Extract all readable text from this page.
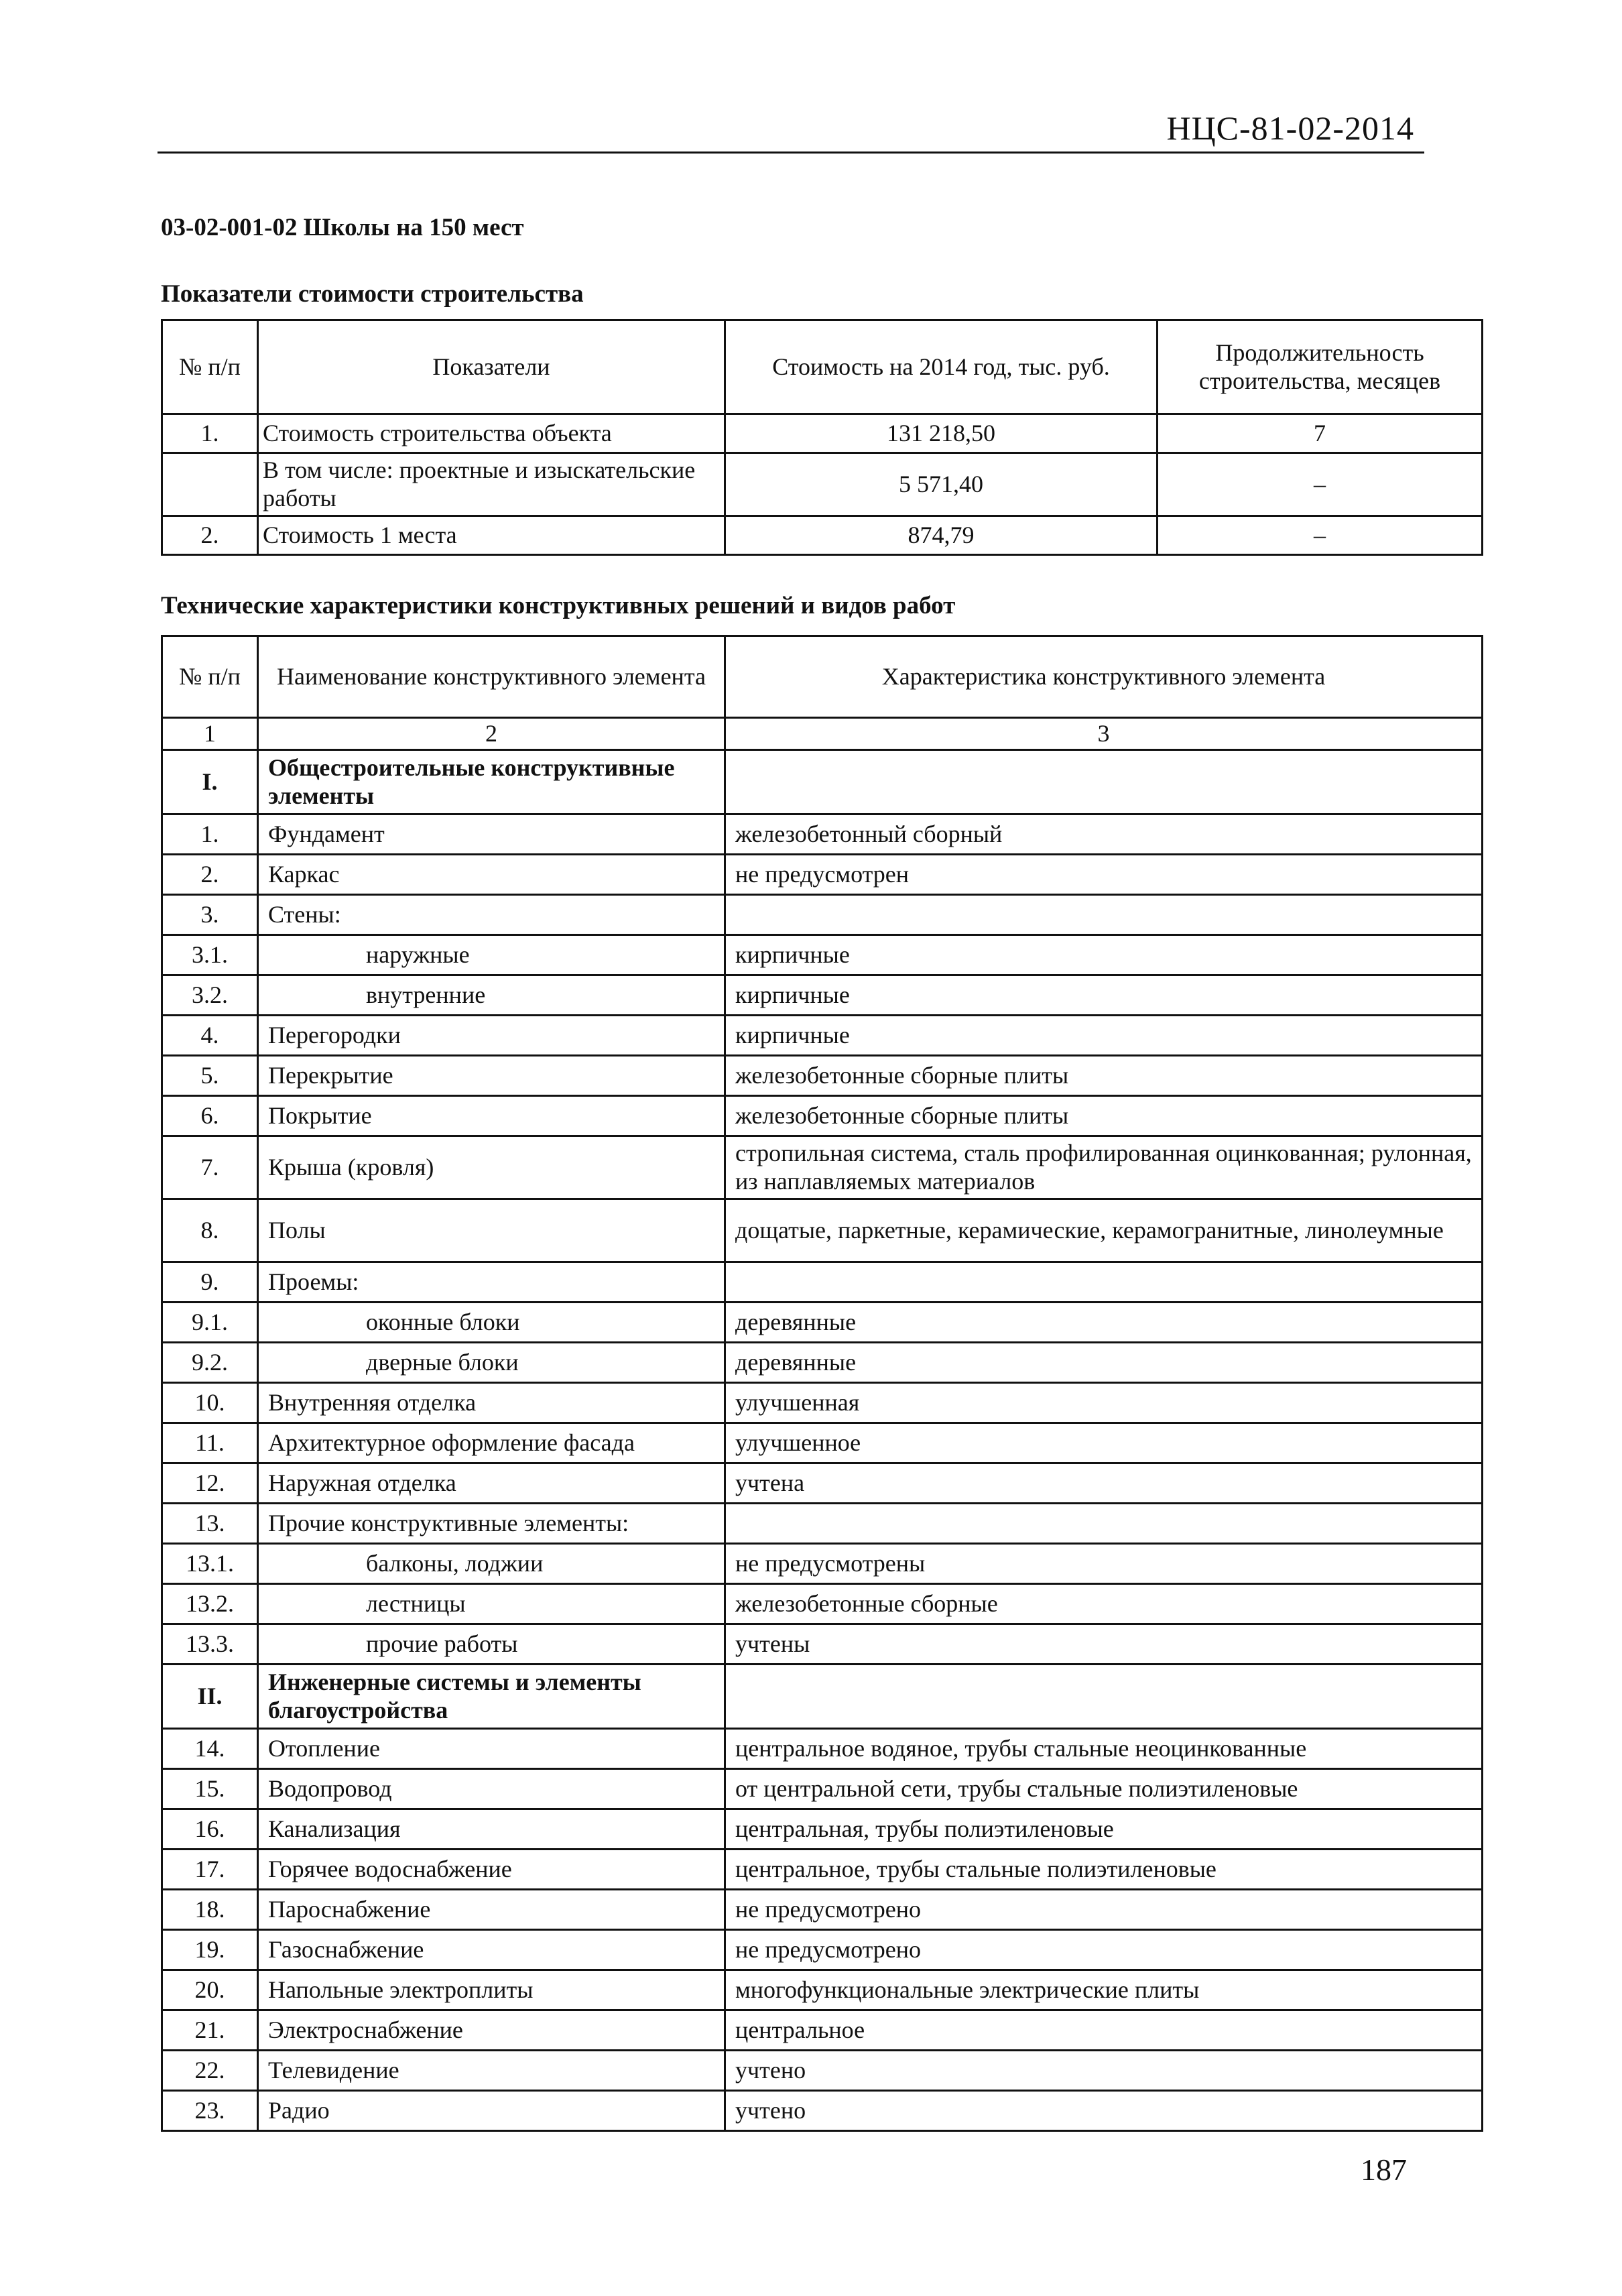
НЦС-81-02-2014
03-02-001-02 Школы на 150 мест
Показатели стоимости строительства
№ п/п	Показатели	Стоимость на 2014 год, тыс. руб.	Продолжительность строительства, месяцев
1.	Стоимость строительства объекта	131 218,50	7
	В том числе: проектные и изыскательские работы	5 571,40	–
2.	Стоимость 1 места	874,79	–
Технические характеристики конструктивных решений и видов работ
№ п/п	Наименование конструктивного элемента	Характеристика конструктивного элемента
1	2	3
I.	Общестроительные конструктивные элементы	
1.	Фундамент	железобетонный сборный
2.	Каркас	не предусмотрен
3.	Стены:	
3.1.	наружные	кирпичные
3.2.	внутренние	кирпичные
4.	Перегородки	кирпичные
5.	Перекрытие	железобетонные сборные плиты
6.	Покрытие	железобетонные сборные плиты
7.	Крыша (кровля)	стропильная система, сталь профилированная оцинкованная; рулонная, из наплавляемых материалов
8.	Полы	дощатые, паркетные, керамические, керамогранитные, линолеумные
9.	Проемы:	
9.1.	оконные блоки	деревянные
9.2.	дверные блоки	деревянные
10.	Внутренняя отделка	улучшенная
11.	Архитектурное оформление фасада	улучшенное
12.	Наружная отделка	учтена
13.	Прочие конструктивные элементы:	
13.1.	балконы, лоджии	не предусмотрены
13.2.	лестницы	железобетонные сборные
13.3.	прочие работы	учтены
II.	Инженерные системы и элементы благоустройства	
14.	Отопление	центральное водяное, трубы стальные неоцинкованные
15.	Водопровод	от центральной сети, трубы стальные полиэтиленовые
16.	Канализация	центральная, трубы полиэтиленовые
17.	Горячее водоснабжение	центральное, трубы стальные полиэтиленовые
18.	Пароснабжение	не предусмотрено
19.	Газоснабжение	не предусмотрено
20.	Напольные электроплиты	многофункциональные электрические плиты
21.	Электроснабжение	центральное
22.	Телевидение	учтено
23.	Радио	учтено
187
